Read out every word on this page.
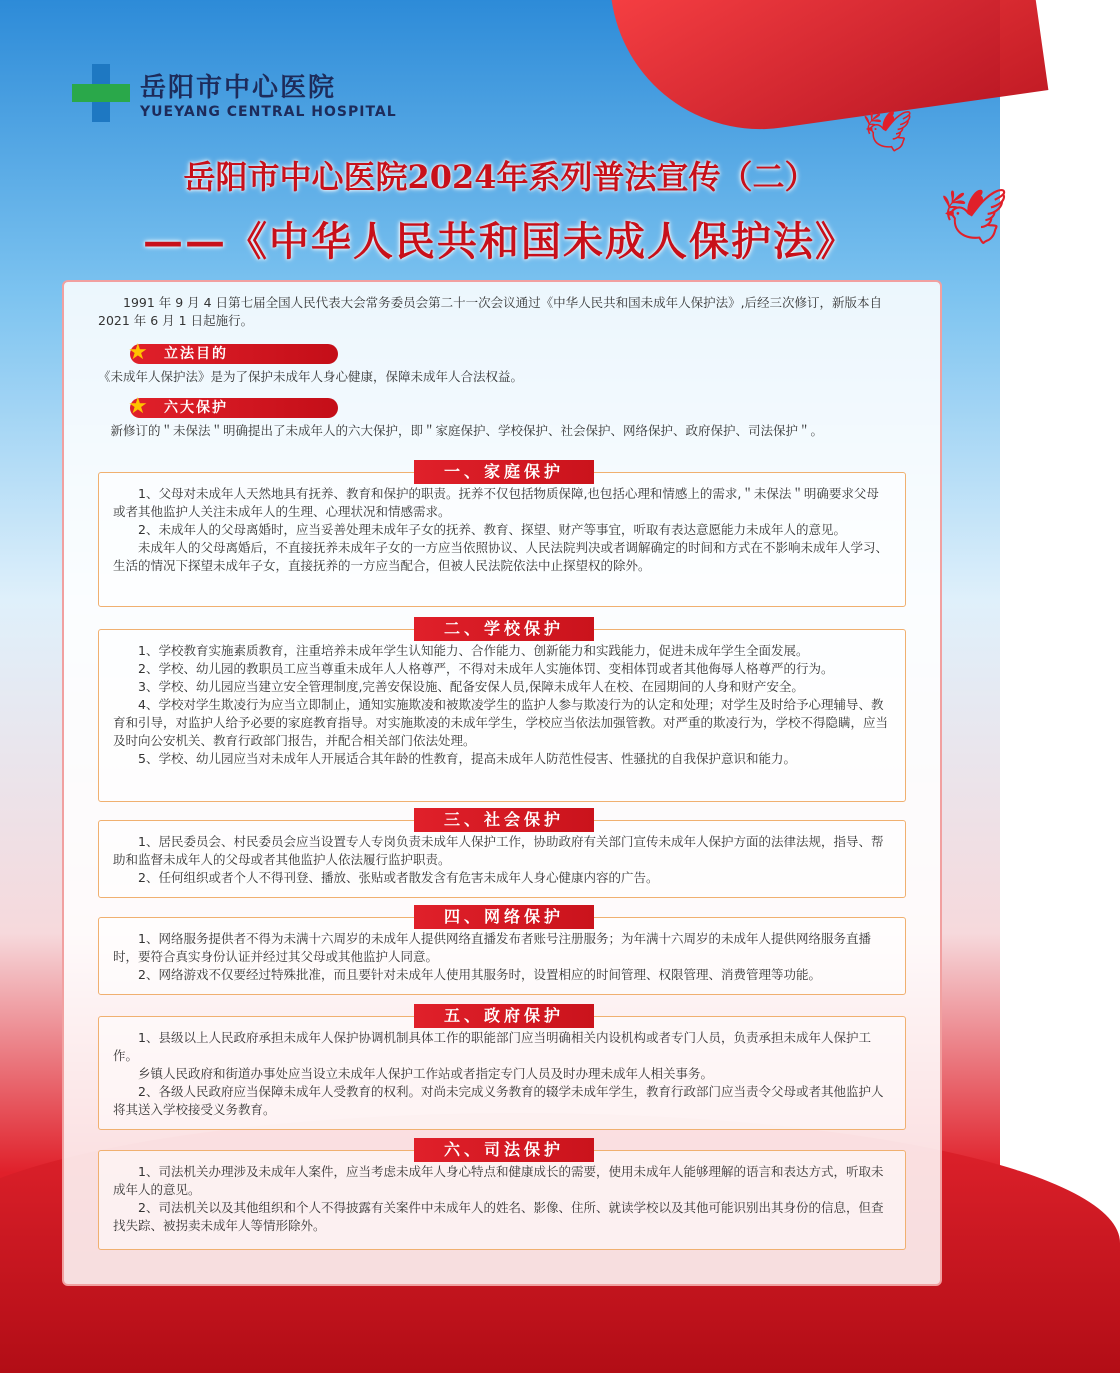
🕊
🕊
岳阳市中心医院
YUEYANG CENTRAL HOSPITAL
岳阳市中心医院2024年系列普法宣传（二）
——《中华人民共和国未成人保护法》

1991 年 9 月 4 日第七届全国人民代表大会常务委员会第二十一次会议通过《中华人民共和国未成年人保护法》,后经三次修订，新版本自 2021 年 6 月 1 日起施行。

★ 立法目的

《未成年人保护法》是为了保护未成年人身心健康，保障未成年人合法权益。

★ 六大保护

新修订的＂未保法＂明确提出了未成年人的六大保护，即＂家庭保护、学校保护、社会保护、网络保护、政府保护、司法保护＂。

一、家庭保护

1、父母对未成年人天然地具有抚养、教育和保护的职责。抚养不仅包括物质保障,也包括心理和情感上的需求,＂未保法＂明确要求父母或者其他监护人关注未成年人的生理、心理状况和情感需求。

2、未成年人的父母离婚时，应当妥善处理未成年子女的抚养、教育、探望、财产等事宜，听取有表达意愿能力未成年人的意见。

未成年人的父母离婚后，不直接抚养未成年子女的一方应当依照协议、人民法院判决或者调解确定的时间和方式在不影响未成年人学习、生活的情况下探望未成年子女，直接抚养的一方应当配合，但被人民法院依法中止探望权的除外。

二、学校保护

1、学校教育实施素质教育，注重培养未成年学生认知能力、合作能力、创新能力和实践能力，促进未成年学生全面发展。

2、学校、幼儿园的教职员工应当尊重未成年人人格尊严，不得对未成年人实施体罚、变相体罚或者其他侮辱人格尊严的行为。

3、学校、幼儿园应当建立安全管理制度,完善安保设施、配备安保人员,保障未成年人在校、在园期间的人身和财产安全。

4、学校对学生欺凌行为应当立即制止，通知实施欺凌和被欺凌学生的监护人参与欺凌行为的认定和处理；对学生及时给予心理辅导、教育和引导，对监护人给予必要的家庭教育指导。对实施欺凌的未成年学生，学校应当依法加强管教。对严重的欺凌行为，学校不得隐瞒，应当及时向公安机关、教育行政部门报告，并配合相关部门依法处理。

5、学校、幼儿园应当对未成年人开展适合其年龄的性教育，提高未成年人防范性侵害、性骚扰的自我保护意识和能力。

三、社会保护

1、居民委员会、村民委员会应当设置专人专岗负责未成年人保护工作，协助政府有关部门宣传未成年人保护方面的法律法规，指导、帮助和监督未成年人的父母或者其他监护人依法履行监护职责。

2、任何组织或者个人不得刊登、播放、张贴或者散发含有危害未成年人身心健康内容的广告。

四、网络保护

1、网络服务提供者不得为未满十六周岁的未成年人提供网络直播发布者账号注册服务；为年满十六周岁的未成年人提供网络服务直播时，要符合真实身份认证并经过其父母或其他监护人同意。

2、网络游戏不仅要经过特殊批准，而且要针对未成年人使用其服务时，设置相应的时间管理、权限管理、消费管理等功能。

五、政府保护

1、县级以上人民政府承担未成年人保护协调机制具体工作的职能部门应当明确相关内设机构或者专门人员，负责承担未成年人保护工作。

乡镇人民政府和街道办事处应当设立未成年人保护工作站或者指定专门人员及时办理未成年人相关事务。

2、各级人民政府应当保障未成年人受教育的权利。对尚未完成义务教育的辍学未成年学生，教育行政部门应当责令父母或者其他监护人将其送入学校接受义务教育。

六、司法保护

1、司法机关办理涉及未成年人案件，应当考虑未成年人身心特点和健康成长的需要，使用未成年人能够理解的语言和表达方式，听取未成年人的意见。

2、司法机关以及其他组织和个人不得披露有关案件中未成年人的姓名、影像、住所、就读学校以及其他可能识别出其身份的信息，但查找失踪、被拐卖未成年人等情形除外。
